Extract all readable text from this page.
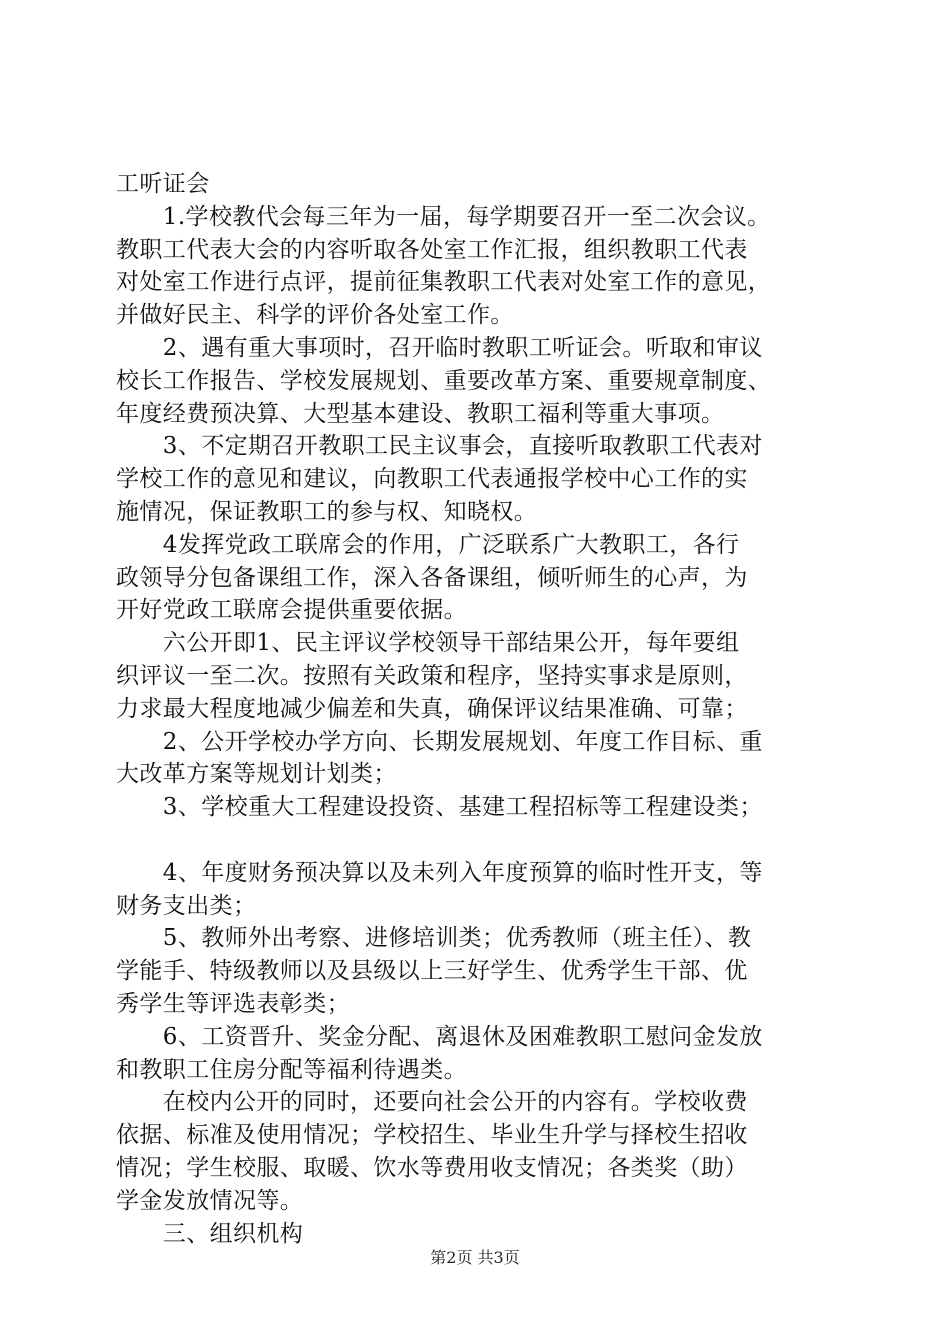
工听证会
　　1.学校教代会每三年为一届，每学期要召开一至二次会议。
教职工代表大会的内容听取各处室工作汇报，组织教职工代表
对处室工作进行点评，提前征集教职工代表对处室工作的意见，
并做好民主、科学的评价各处室工作。
　　2、遇有重大事项时，召开临时教职工听证会。听取和审议
校长工作报告、学校发展规划、重要改革方案、重要规章制度、
年度经费预决算、大型基本建设、教职工福利等重大事项。
　　3、不定期召开教职工民主议事会，直接听取教职工代表对
学校工作的意见和建议，向教职工代表通报学校中心工作的实
施情况，保证教职工的参与权、知晓权。
　　4发挥党政工联席会的作用，广泛联系广大教职工，各行
政领导分包备课组工作，深入各备课组，倾听师生的心声，为
开好党政工联席会提供重要依据。
　　六公开即1、民主评议学校领导干部结果公开，每年要组
织评议一至二次。按照有关政策和程序，坚持实事求是原则，
力求最大程度地减少偏差和失真，确保评议结果准确、可靠；
　　2、公开学校办学方向、长期发展规划、年度工作目标、重
大改革方案等规划计划类；
　　3、学校重大工程建设投资、基建工程招标等工程建设类；
　　4、年度财务预决算以及未列入年度预算的临时性开支，等
财务支出类；
　　5、教师外出考察、进修培训类；优秀教师（班主任）、教
学能手、特级教师以及县级以上三好学生、优秀学生干部、优
秀学生等评选表彰类；
　　6、工资晋升、奖金分配、离退休及困难教职工慰问金发放
和教职工住房分配等福利待遇类。
　　在校内公开的同时，还要向社会公开的内容有。学校收费
依据、标准及使用情况；学校招生、毕业生升学与择校生招收
情况；学生校服、取暖、饮水等费用收支情况；各类奖（助）
学金发放情况等。
　　三、组织机构
第2页 共3页
